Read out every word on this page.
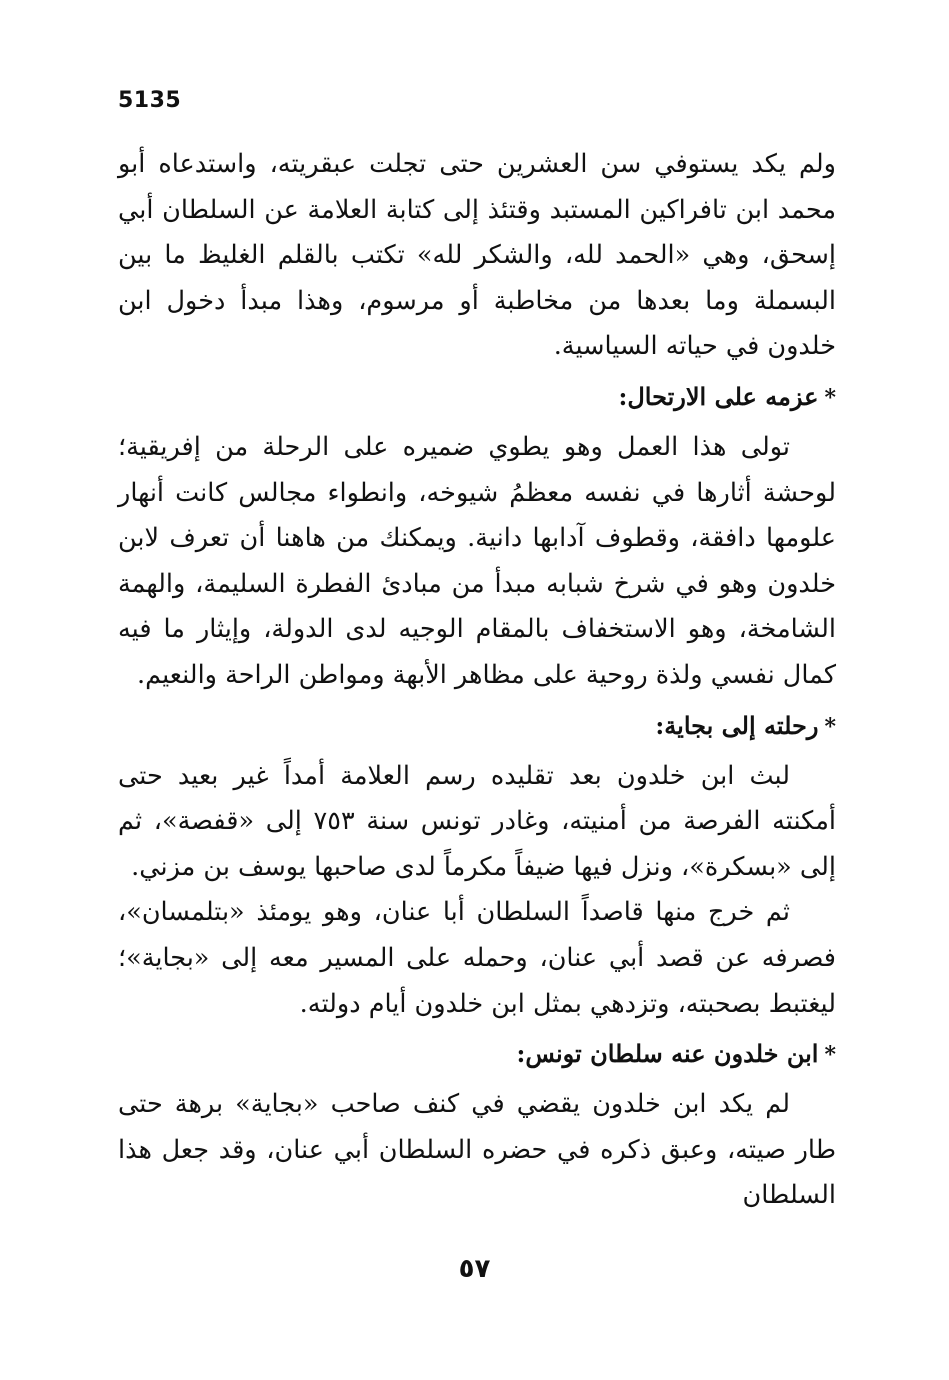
5135

ولم يكد يستوفي سن العشرين حتى تجلت عبقريته، واستدعاه أبو محمد ابن تافراكين المستبد وقتئذ إلى كتابة العلامة عن السلطان أبي إسحق، وهي «الحمد لله، والشكر لله» تكتب بالقلم الغليظ ما بين البسملة وما بعدها من مخاطبة أو مرسوم، وهذا مبدأ دخول ابن خلدون في حياته السياسية.

*عزمه على الارتحال:

تولى هذا العمل وهو يطوي ضميره على الرحلة من إفريقية؛ لوحشة أثارها في نفسه معظمُ شيوخه، وانطواء مجالس كانت أنهار علومها دافقة، وقطوف آدابها دانية. ويمكنك من هاهنا أن تعرف لابن خلدون وهو في شرخ شبابه مبدأ من مبادئ الفطرة السليمة، والهمة الشامخة، وهو الاستخفاف بالمقام الوجيه لدى الدولة، وإيثار ما فيه كمال نفسي ولذة روحية على مظاهر الأبهة ومواطن الراحة والنعيم.

*رحلته إلى بجاية:

لبث ابن خلدون بعد تقليده رسم العلامة أمداً غير بعيد حتى أمكنته الفرصة من أمنيته، وغادر تونس سنة ٧٥٣ إلى «قفصة»، ثم إلى «بسكرة»، ونزل فيها ضيفاً مكرماً لدى صاحبها يوسف بن مزني.

ثم خرج منها قاصداً السلطان أبا عنان، وهو يومئذ «بتلمسان»، فصرفه عن قصد أبي عنان، وحمله على المسير معه إلى «بجاية»؛ ليغتبط بصحبته، وتزدهي بمثل ابن خلدون أيام دولته.

*ابن خلدون عنه سلطان تونس:

لم يكد ابن خلدون يقضي في كنف صاحب «بجاية» برهة حتى طار صيته، وعبق ذكره في حضره السلطان أبي عنان، وقد جعل هذا السلطان

٥٧
